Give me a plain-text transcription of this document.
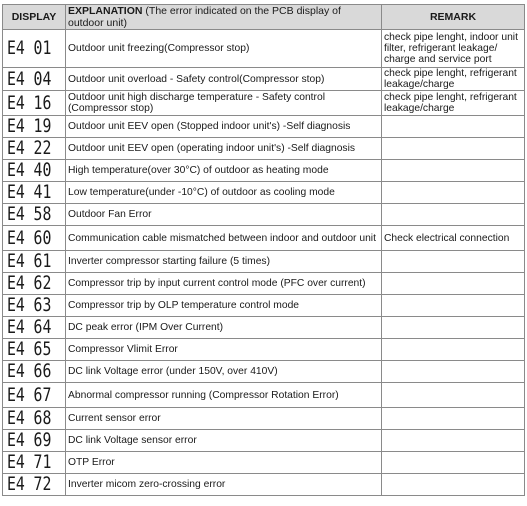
DISPLAY	EXPLANATION (The error indicated on the PCB display of outdoor unit)	REMARK

E4 01	Outdoor unit freezing(Compressor stop)	check pipe lenght, indoor unit filter, refrigerant leakage/ charge and service port

E4 04	Outdoor unit overload - Safety control(Compressor stop)	check pipe lenght, refrigerant leakage/charge

E4 16	Outdoor unit high discharge temperature - Safety control (Compressor stop)	check pipe lenght, refrigerant leakage/charge

E4 19	Outdoor unit EEV open (Stopped indoor unit's) -Self diagnosis	

E4 22	Outdoor unit EEV open (operating indoor unit's) -Self diagnosis	

E4 40	High temperature(over 30°C) of outdoor as heating mode	

E4 41	Low temperature(under -10°C) of outdoor as cooling mode	

E4 58	Outdoor Fan Error	

E4 60	Communication cable mismatched between indoor and outdoor unit	Check electrical connection

E4 61	Inverter compressor starting failure (5 times)	

E4 62	Compressor trip by input current control mode (PFC over current)	

E4 63	Compressor trip by OLP temperature control mode	

E4 64	DC peak error (IPM Over Current)	

E4 65	Compressor Vlimit Error	

E4 66	DC link Voltage error (under 150V, over 410V)	

E4 67	Abnormal compressor running (Compressor Rotation Error)	

E4 68	Current sensor error	

E4 69	DC link Voltage sensor error	

E4 71	OTP Error	

E4 72	Inverter micom zero-crossing error	
